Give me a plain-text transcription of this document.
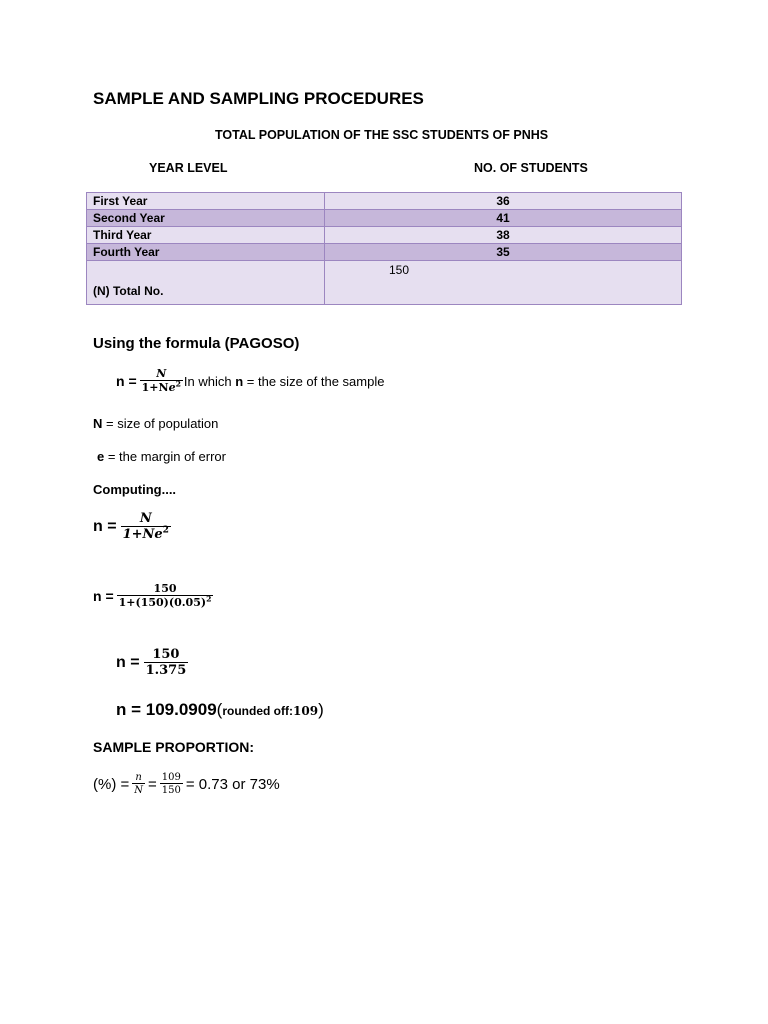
SAMPLE AND SAMPLING PROCEDURES
TOTAL POPULATION OF THE SSC STUDENTS OF PNHS
YEAR LEVEL	NO. OF STUDENTS
First Year	36
Second Year	41
Third Year	38
Fourth Year	35
(N) Total No.	150
Using the formula (PAGOSO)
$n = \frac{N}{1+Ne^2}$ In which n = the size of the sample
N = size of population
e = the margin of error
Computing....
$n = \frac{N}{1+Ne^2}$
$n = \frac{150}{1+(150)(0.05)^2}$
$n = \frac{150}{1.375}$
n = 109.0909(rounded off:109)
SAMPLE PROPORTION:
(%) = $\frac{n}{N} = \frac{109}{150} = 0.73$ or 73%
